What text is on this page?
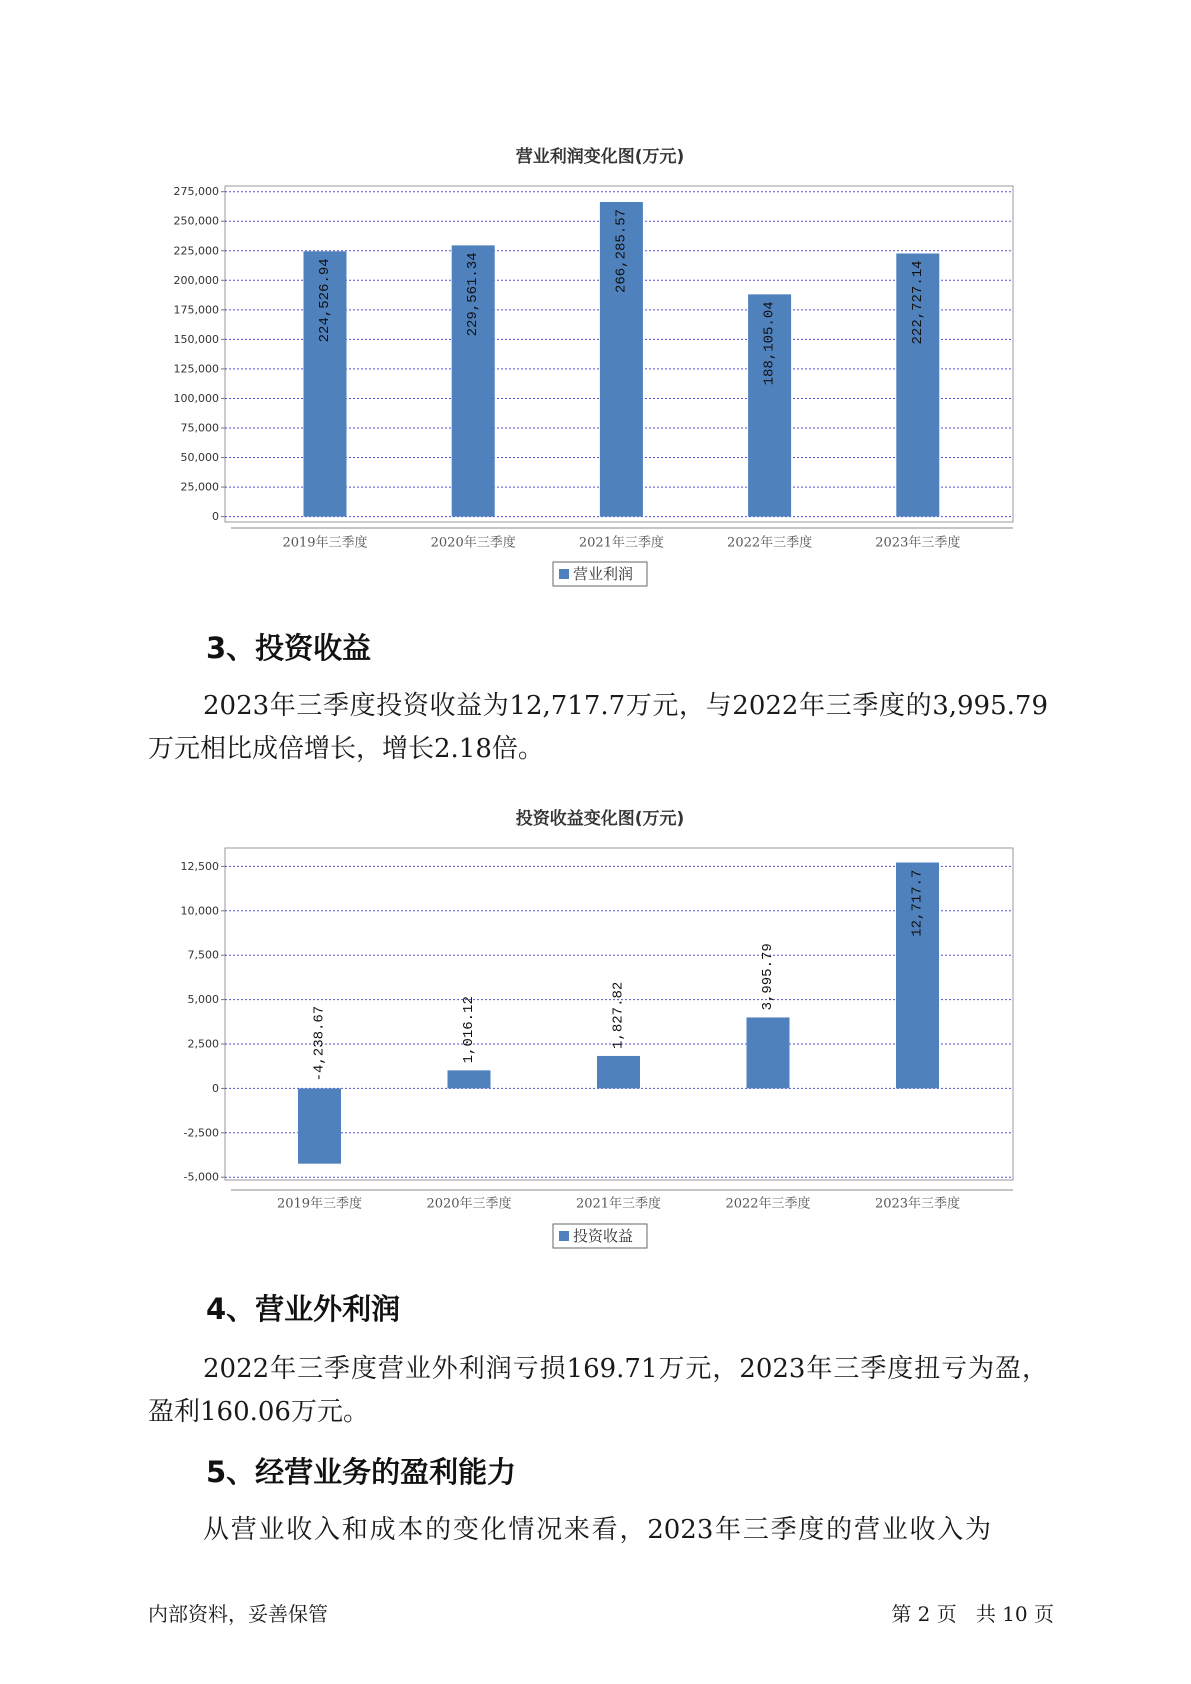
营业利润变化图(万元)
275,000
250,000
225,000
200,000
175,000
150,000
125,000
100,000
75,000
50,000
25,000
0
224,526.94
2019年三季度
229,561.34
2020年三季度
266,285.57
2021年三季度
188,105.04
2022年三季度
222,727.14
2023年三季度
营业利润
3、投资收益
2023年三季度投资收益为12,717.7万元，与2022年三季度的3,995.79
万元相比成倍增长，增长2.18倍。
投资收益变化图(万元)
12,500
10,000
7,500
5,000
2,500
0
-2,500
-5,000
-4,238.67
2019年三季度
1,016.12
2020年三季度
1,827.82
2021年三季度
3,995.79
2022年三季度
12,717.7
2023年三季度
投资收益
4、营业外利润
2022年三季度营业外利润亏损169.71万元，2023年三季度扭亏为盈，
盈利160.06万元。
5、经营业务的盈利能力
从营业收入和成本的变化情况来看，2023年三季度的营业收入为
内部资料，妥善保管	第 2 页   共 10 页
